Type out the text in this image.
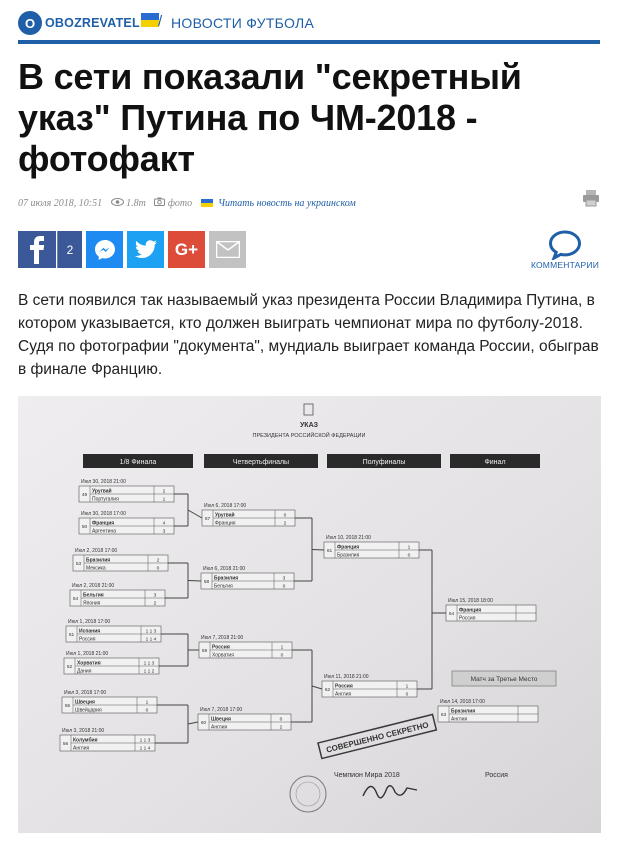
O OBOZREVATEL / НОВОСТИ ФУТБОЛА
В сети показали "секретный указ" Путина по ЧМ-2018 - фотофакт
07 июля 2018, 10:51 1.8т фото	Читать новость на украинском
2	G+
КОММЕНТАРИИ

В сети появился так называемый указ президента России Владимира Путина, в котором указывается, кто должен выиграть чемпионат мира по футболу-2018. Судя по фотографии "документа", мундиаль выиграет команда России, обыграв в финале Францию.

УКАЗ
ПРЕЗИДЕНТА РОССИЙСКОЙ ФЕДЕРАЦИИ
1/8 Финала	Четвертьфиналы	Полуфиналы	Финал
Июл 30, 2018 21:00
49
Уругвай
Португалия
2
1
Июл 30, 2018 17:00
50
Франция
Аргентина
4
3
Июл 2, 2018 17:00
53
Бразилия
Мексика
2
0
Июл 2, 2018 21:00
54
Бельгия
Япония
3
2
Июл 1, 2018 17:00
51
Испания
Россия
1 1 3
1 1 4
Июл 1, 2018 21:00
52
Хорватия
Дания
1 1 3
1 1 2
Июл 3, 2018 17:00
55
Швеция
Швейцария
1
0
Июл 3, 2018 21:00
56
Колумбия
Англия
1 1 3
1 1 4
Июл 6, 2018 17:00
57
Уругвай
Франция
0
2
Июл 6, 2018 21:00
58
Бразилия
Бельгия
3
0
Июл 7, 2018 21:00
59
Россия
Хорватия
1
0
Июл 7, 2018 17:00
60
Швеция
Англия
0
2
Июл 10, 2018 21:00
61
Франция
Бразилия
1
0
Июл 11, 2018 21:00
62
Россия
Англия
1
0
Июл 15, 2018 18:00
64
Франция
Россия
Матч за Третье Место
Июл 14, 2018 17:00
63
Бразилия
Англия
СОВЕРШЕННО СЕКРЕТНО
Чемпион Мира 2018	Россия
